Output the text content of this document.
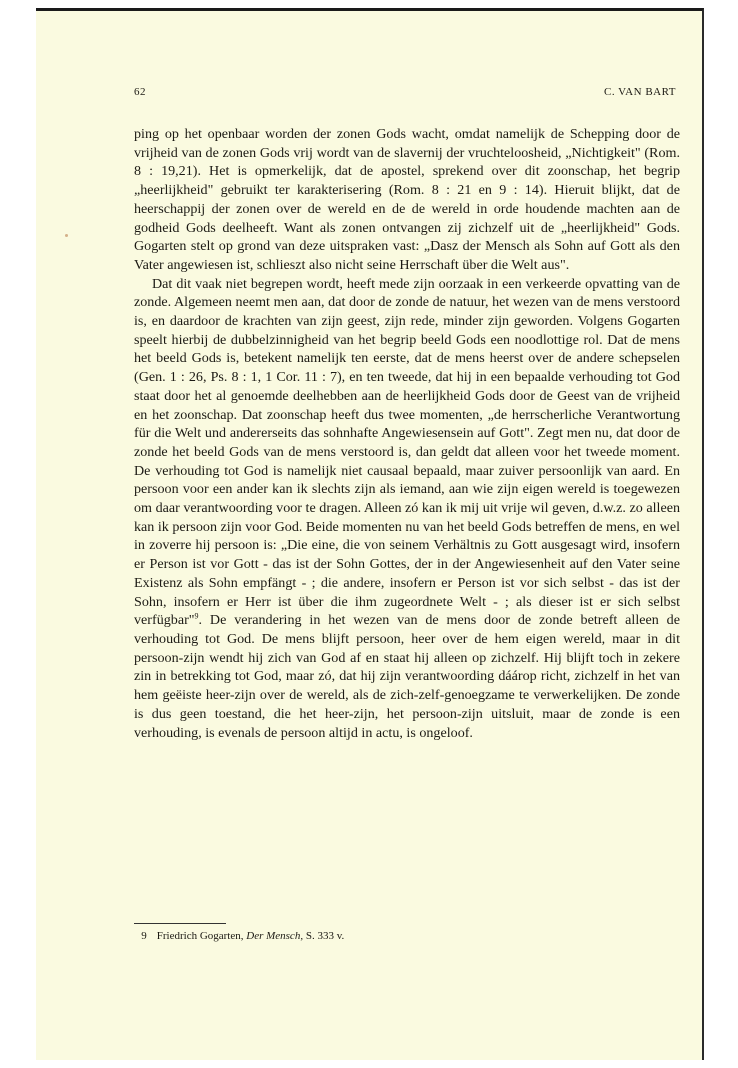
62	C. VAN BART

ping op het openbaar worden der zonen Gods wacht, omdat namelijk de Schepping door de vrijheid van de zonen Gods vrij wordt van de slavernij der vruchteloosheid, „Nichtigkeit" (Rom. 8 : 19,21). Het is opmerkelijk, dat de apostel, sprekend over dit zoonschap, het begrip „heerlijkheid" gebruikt ter karakterisering (Rom. 8 : 21 en 9 : 14). Hieruit blijkt, dat de heerschappij der zonen over de wereld en de de wereld in orde houdende machten aan de godheid Gods deelheeft. Want als zonen ontvangen zij zichzelf uit de „heerlijkheid" Gods. Gogarten stelt op grond van deze uitspraken vast: „Dasz der Mensch als Sohn auf Gott als den Vater angewiesen ist, schlieszt also nicht seine Herrschaft über die Welt aus".

Dat dit vaak niet begrepen wordt, heeft mede zijn oorzaak in een verkeerde opvatting van de zonde. Algemeen neemt men aan, dat door de zonde de natuur, het wezen van de mens verstoord is, en daardoor de krachten van zijn geest, zijn rede, minder zijn geworden. Volgens Gogarten speelt hierbij de dubbelzinnigheid van het begrip beeld Gods een noodlottige rol. Dat de mens het beeld Gods is, betekent namelijk ten eerste, dat de mens heerst over de andere schepselen (Gen. 1 : 26, Ps. 8 : 1, 1 Cor. 11 : 7), en ten tweede, dat hij in een bepaalde verhouding tot God staat door het al genoemde deelhebben aan de heerlijkheid Gods door de Geest van de vrijheid en het zoonschap. Dat zoonschap heeft dus twee momenten, „de herrscherliche Verantwortung für die Welt und andererseits das sohnhafte Angewiesensein auf Gott". Zegt men nu, dat door de zonde het beeld Gods van de mens verstoord is, dan geldt dat alleen voor het tweede moment. De verhouding tot God is namelijk niet causaal bepaald, maar zuiver persoonlijk van aard. En persoon voor een ander kan ik slechts zijn als iemand, aan wie zijn eigen wereld is toegewezen om daar verantwoording voor te dragen. Alleen zó kan ik mij uit vrije wil geven, d.w.z. zo alleen kan ik persoon zijn voor God. Beide momenten nu van het beeld Gods betreffen de mens, en wel in zoverre hij persoon is: „Die eine, die von seinem Verhältnis zu Gott ausgesagt wird, insofern er Person ist vor Gott - das ist der Sohn Gottes, der in der Angewiesenheit auf den Vater seine Existenz als Sohn empfängt - ; die andere, insofern er Person ist vor sich selbst - das ist der Sohn, insofern er Herr ist über die ihm zugeordnete Welt - ; als dieser ist er sich selbst verfügbar"$^9$. De verandering in het wezen van de mens door de zonde betreft alleen de verhouding tot God. De mens blijft persoon, heer over de hem eigen wereld, maar in dit persoon-zijn wendt hij zich van God af en staat hij alleen op zichzelf. Hij blijft toch in zekere zin in betrekking tot God, maar zó, dat hij zijn verantwoording dáárop richt, zichzelf in het van hem geëiste heer-zijn over de wereld, als de zich-zelf-genoegzame te verwerkelijken. De zonde is dus geen toestand, die het heer-zijn, het persoon-zijn uitsluit, maar de zonde is een verhouding, is evenals de persoon altijd in actu, is ongeloof.

9 Friedrich Gogarten, Der Mensch, S. 333 v.
